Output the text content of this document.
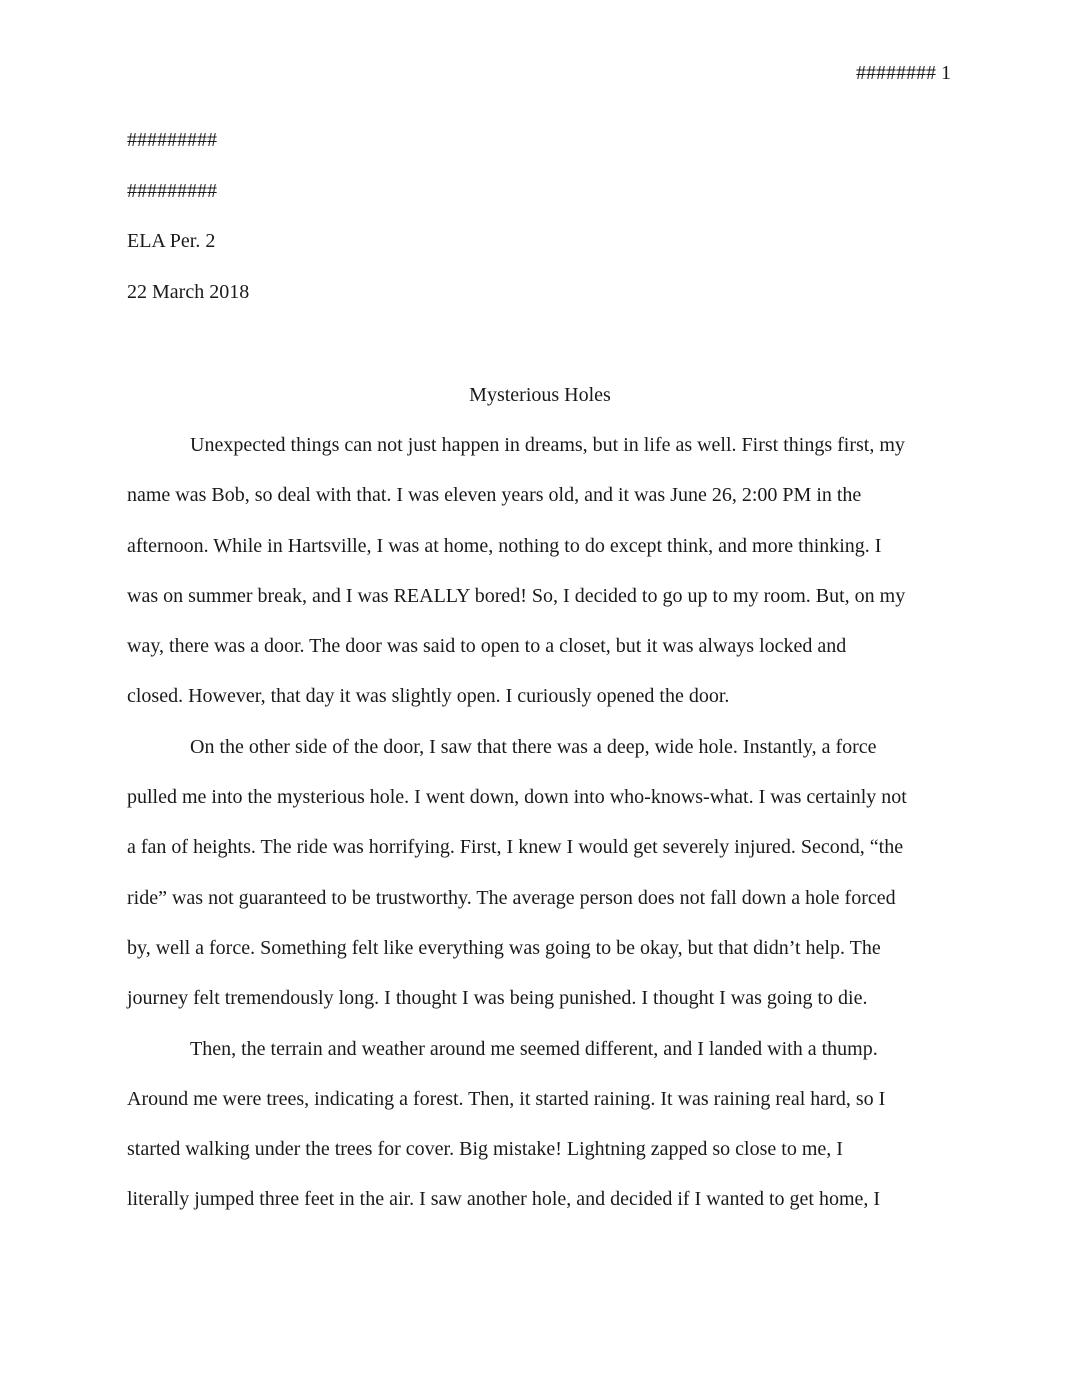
######## 1
#########
#########
ELA Per. 2
22 March 2018
Mysterious Holes
Unexpected things can not just happen in dreams, but in life as well. First things first, my
name was Bob, so deal with that. I was eleven years old, and it was June 26, 2:00 PM in the
afternoon. While in Hartsville, I was at home, nothing to do except think, and more thinking. I
was on summer break, and I was REALLY bored! So, I decided to go up to my room. But, on my
way, there was a door. The door was said to open to a closet, but it was always locked and
closed. However, that day it was slightly open. I curiously opened the door.
On the other side of the door, I saw that there was a deep, wide hole. Instantly, a force
pulled me into the mysterious hole. I went down, down into who-knows-what. I was certainly not
a fan of heights. The ride was horrifying. First, I knew I would get severely injured. Second, “the
ride” was not guaranteed to be trustworthy. The average person does not fall down a hole forced
by, well a force. Something felt like everything was going to be okay, but that didn’t help. The
journey felt tremendously long. I thought I was being punished. I thought I was going to die.
Then, the terrain and weather around me seemed different, and I landed with a thump.
Around me were trees, indicating a forest. Then, it started raining. It was raining real hard, so I
started walking under the trees for cover. Big mistake! Lightning zapped so close to me, I
literally jumped three feet in the air. I saw another hole, and decided if I wanted to get home, I
